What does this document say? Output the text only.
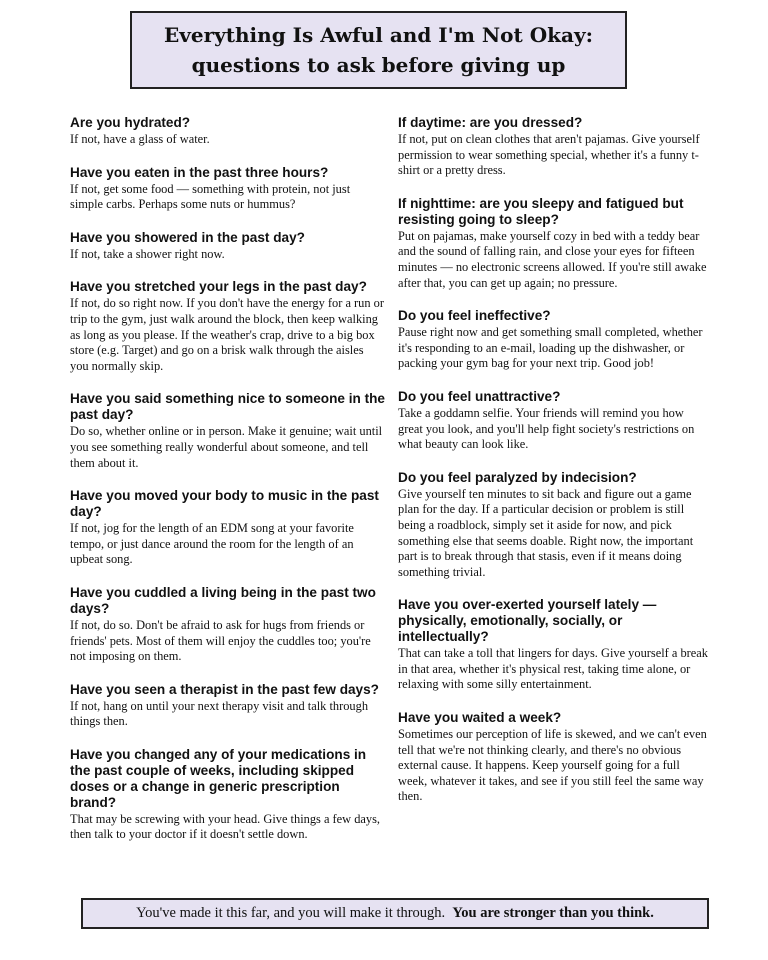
Everything Is Awful and I'm Not Okay:
questions to ask before giving up

Are you hydrated?

If not, have a glass of water.

Have you eaten in the past three hours?

If not, get some food — something with protein, not just simple carbs. Perhaps some nuts or hummus?

Have you showered in the past day?

If not, take a shower right now.

Have you stretched your legs in the past day?

If not, do so right now. If you don't have the energy for a run or trip to the gym, just walk around the block, then keep walking as long as you please. If the weather's crap, drive to a big box store (e.g. Target) and go on a brisk walk through the aisles you normally skip.

Have you said something nice to someone in the past day?

Do so, whether online or in person. Make it genuine; wait until you see something really wonderful about someone, and tell them about it.

Have you moved your body to music in the past day?

If not, jog for the length of an EDM song at your favorite tempo, or just dance around the room for the length of an upbeat song.

Have you cuddled a living being in the past two days?

If not, do so. Don't be afraid to ask for hugs from friends or friends' pets. Most of them will enjoy the cuddles too; you're not imposing on them.

Have you seen a therapist in the past few days?

If not, hang on until your next therapy visit and talk through things then.

Have you changed any of your medications in the past couple of weeks, including skipped doses or a change in generic prescription brand?

That may be screwing with your head. Give things a few days, then talk to your doctor if it doesn't settle down.

If daytime: are you dressed?

If not, put on clean clothes that aren't pajamas. Give yourself permission to wear something special, whether it's a funny t-shirt or a pretty dress.

If nighttime: are you sleepy and fatigued but resisting going to sleep?

Put on pajamas, make yourself cozy in bed with a teddy bear and the sound of falling rain, and close your eyes for fifteen minutes — no electronic screens allowed. If you're still awake after that, you can get up again; no pressure.

Do you feel ineffective?

Pause right now and get something small completed, whether it's responding to an e-mail, loading up the dishwasher, or packing your gym bag for your next trip. Good job!

Do you feel unattractive?

Take a goddamn selfie. Your friends will remind you how great you look, and you'll help fight society's restrictions on what beauty can look like.

Do you feel paralyzed by indecision?

Give yourself ten minutes to sit back and figure out a game plan for the day. If a particular decision or problem is still being a roadblock, simply set it aside for now, and pick something else that seems doable. Right now, the important part is to break through that stasis, even if it means doing something trivial.

Have you over-exerted yourself lately — physically, emotionally, socially, or intellectually?

That can take a toll that lingers for days. Give yourself a break in that area, whether it's physical rest, taking time alone, or relaxing with some silly entertainment.

Have you waited a week?

Sometimes our perception of life is skewed, and we can't even tell that we're not thinking clearly, and there's no obvious external cause. It happens. Keep yourself going for a full week, whatever it takes, and see if you still feel the same way then.

You've made it this far, and you will make it through. You are stronger than you think.
